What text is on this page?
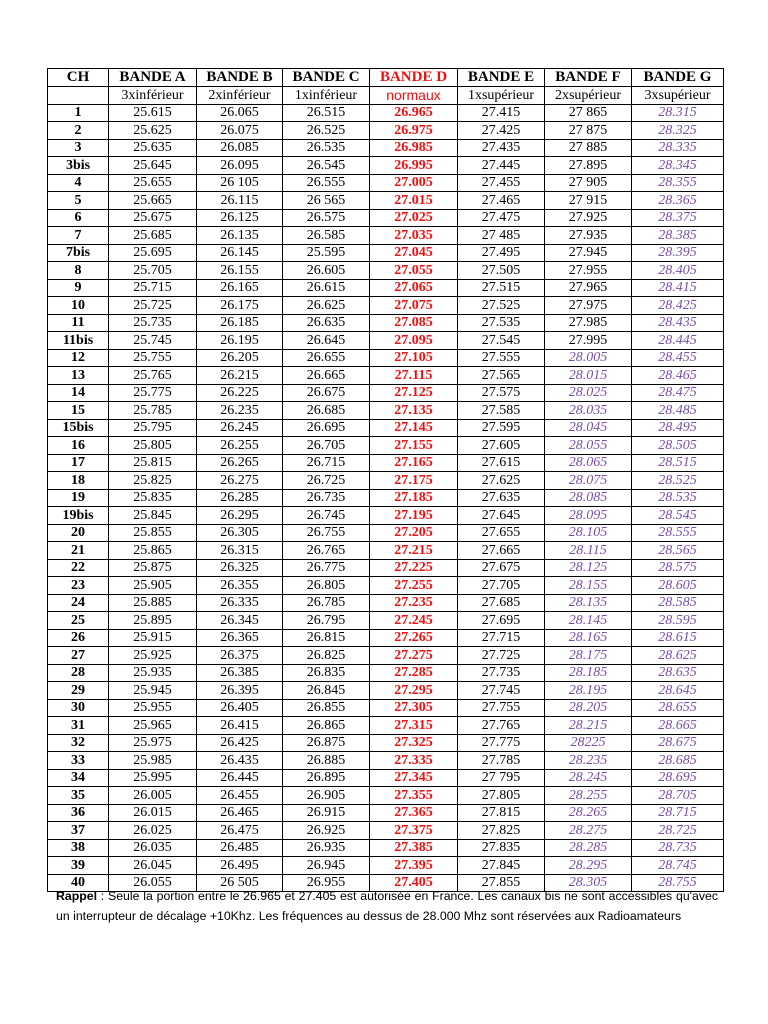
CH	BANDE A	BANDE B	BANDE C	BANDE D	BANDE E	BANDE F	BANDE G
	3xinférieur	2xinférieur	1xinférieur	normaux	1xsupérieur	2xsupérieur	3xsupérieur
1	25.615	26.065	26.515	26.965	27.415	27 865	28.315
2	25.625	26.075	26.525	26.975	27.425	27 875	28.325
3	25.635	26.085	26.535	26.985	27.435	27 885	28.335
3bis	25.645	26.095	26.545	26.995	27.445	27.895	28.345
4	25.655	26 105	26.555	27.005	27.455	27 905	28.355
5	25.665	26.115	26 565	27.015	27.465	27 915	28.365
6	25.675	26.125	26.575	27.025	27.475	27.925	28.375
7	25.685	26.135	26.585	27.035	27 485	27.935	28.385
7bis	25.695	26.145	25.595	27.045	27.495	27.945	28.395
8	25.705	26.155	26.605	27.055	27.505	27.955	28.405
9	25.715	26.165	26.615	27.065	27.515	27.965	28.415
10	25.725	26.175	26.625	27.075	27.525	27.975	28.425
11	25.735	26.185	26.635	27.085	27.535	27.985	28.435
11bis	25.745	26.195	26.645	27.095	27.545	27.995	28.445
12	25.755	26.205	26.655	27.105	27.555	28.005	28.455
13	25.765	26.215	26.665	27.115	27.565	28.015	28.465
14	25.775	26.225	26.675	27.125	27.575	28.025	28.475
15	25.785	26.235	26.685	27.135	27.585	28.035	28.485
15bis	25.795	26.245	26.695	27.145	27.595	28.045	28.495
16	25.805	26.255	26.705	27.155	27.605	28.055	28.505
17	25.815	26.265	26.715	27.165	27.615	28.065	28.515
18	25.825	26.275	26.725	27.175	27.625	28.075	28.525
19	25.835	26.285	26.735	27.185	27.635	28.085	28.535
19bis	25.845	26.295	26.745	27.195	27.645	28.095	28.545
20	25.855	26.305	26.755	27.205	27.655	28.105	28.555
21	25.865	26.315	26.765	27.215	27.665	28.115	28.565
22	25.875	26.325	26.775	27.225	27.675	28.125	28.575
23	25.905	26.355	26.805	27.255	27.705	28.155	28.605
24	25.885	26.335	26.785	27.235	27.685	28.135	28.585
25	25.895	26.345	26.795	27.245	27.695	28.145	28.595
26	25.915	26.365	26.815	27.265	27.715	28.165	28.615
27	25.925	26.375	26.825	27.275	27.725	28.175	28.625
28	25.935	26.385	26.835	27.285	27.735	28.185	28.635
29	25.945	26.395	26.845	27.295	27.745	28.195	28.645
30	25.955	26.405	26.855	27.305	27.755	28.205	28.655
31	25.965	26.415	26.865	27.315	27.765	28.215	28.665
32	25.975	26.425	26.875	27.325	27.775	28225	28.675
33	25.985	26.435	26.885	27.335	27.785	28.235	28.685
34	25.995	26.445	26.895	27.345	27 795	28.245	28.695
35	26.005	26.455	26.905	27.355	27.805	28.255	28.705
36	26.015	26.465	26.915	27.365	27.815	28.265	28.715
37	26.025	26.475	26.925	27.375	27.825	28.275	28.725
38	26.035	26.485	26.935	27.385	27.835	28.285	28.735
39	26.045	26.495	26.945	27.395	27.845	28.295	28.745
40	26.055	26 505	26.955	27.405	27.855	28.305	28.755
Rappel : Seule la portion entre le 26.965 et 27.405 est autorisée en France. Les canaux bis ne sont accessibles qu'avec un interrupteur de décalage +10Khz. Les fréquences au dessus de 28.000 Mhz sont réservées aux Radioamateurs
